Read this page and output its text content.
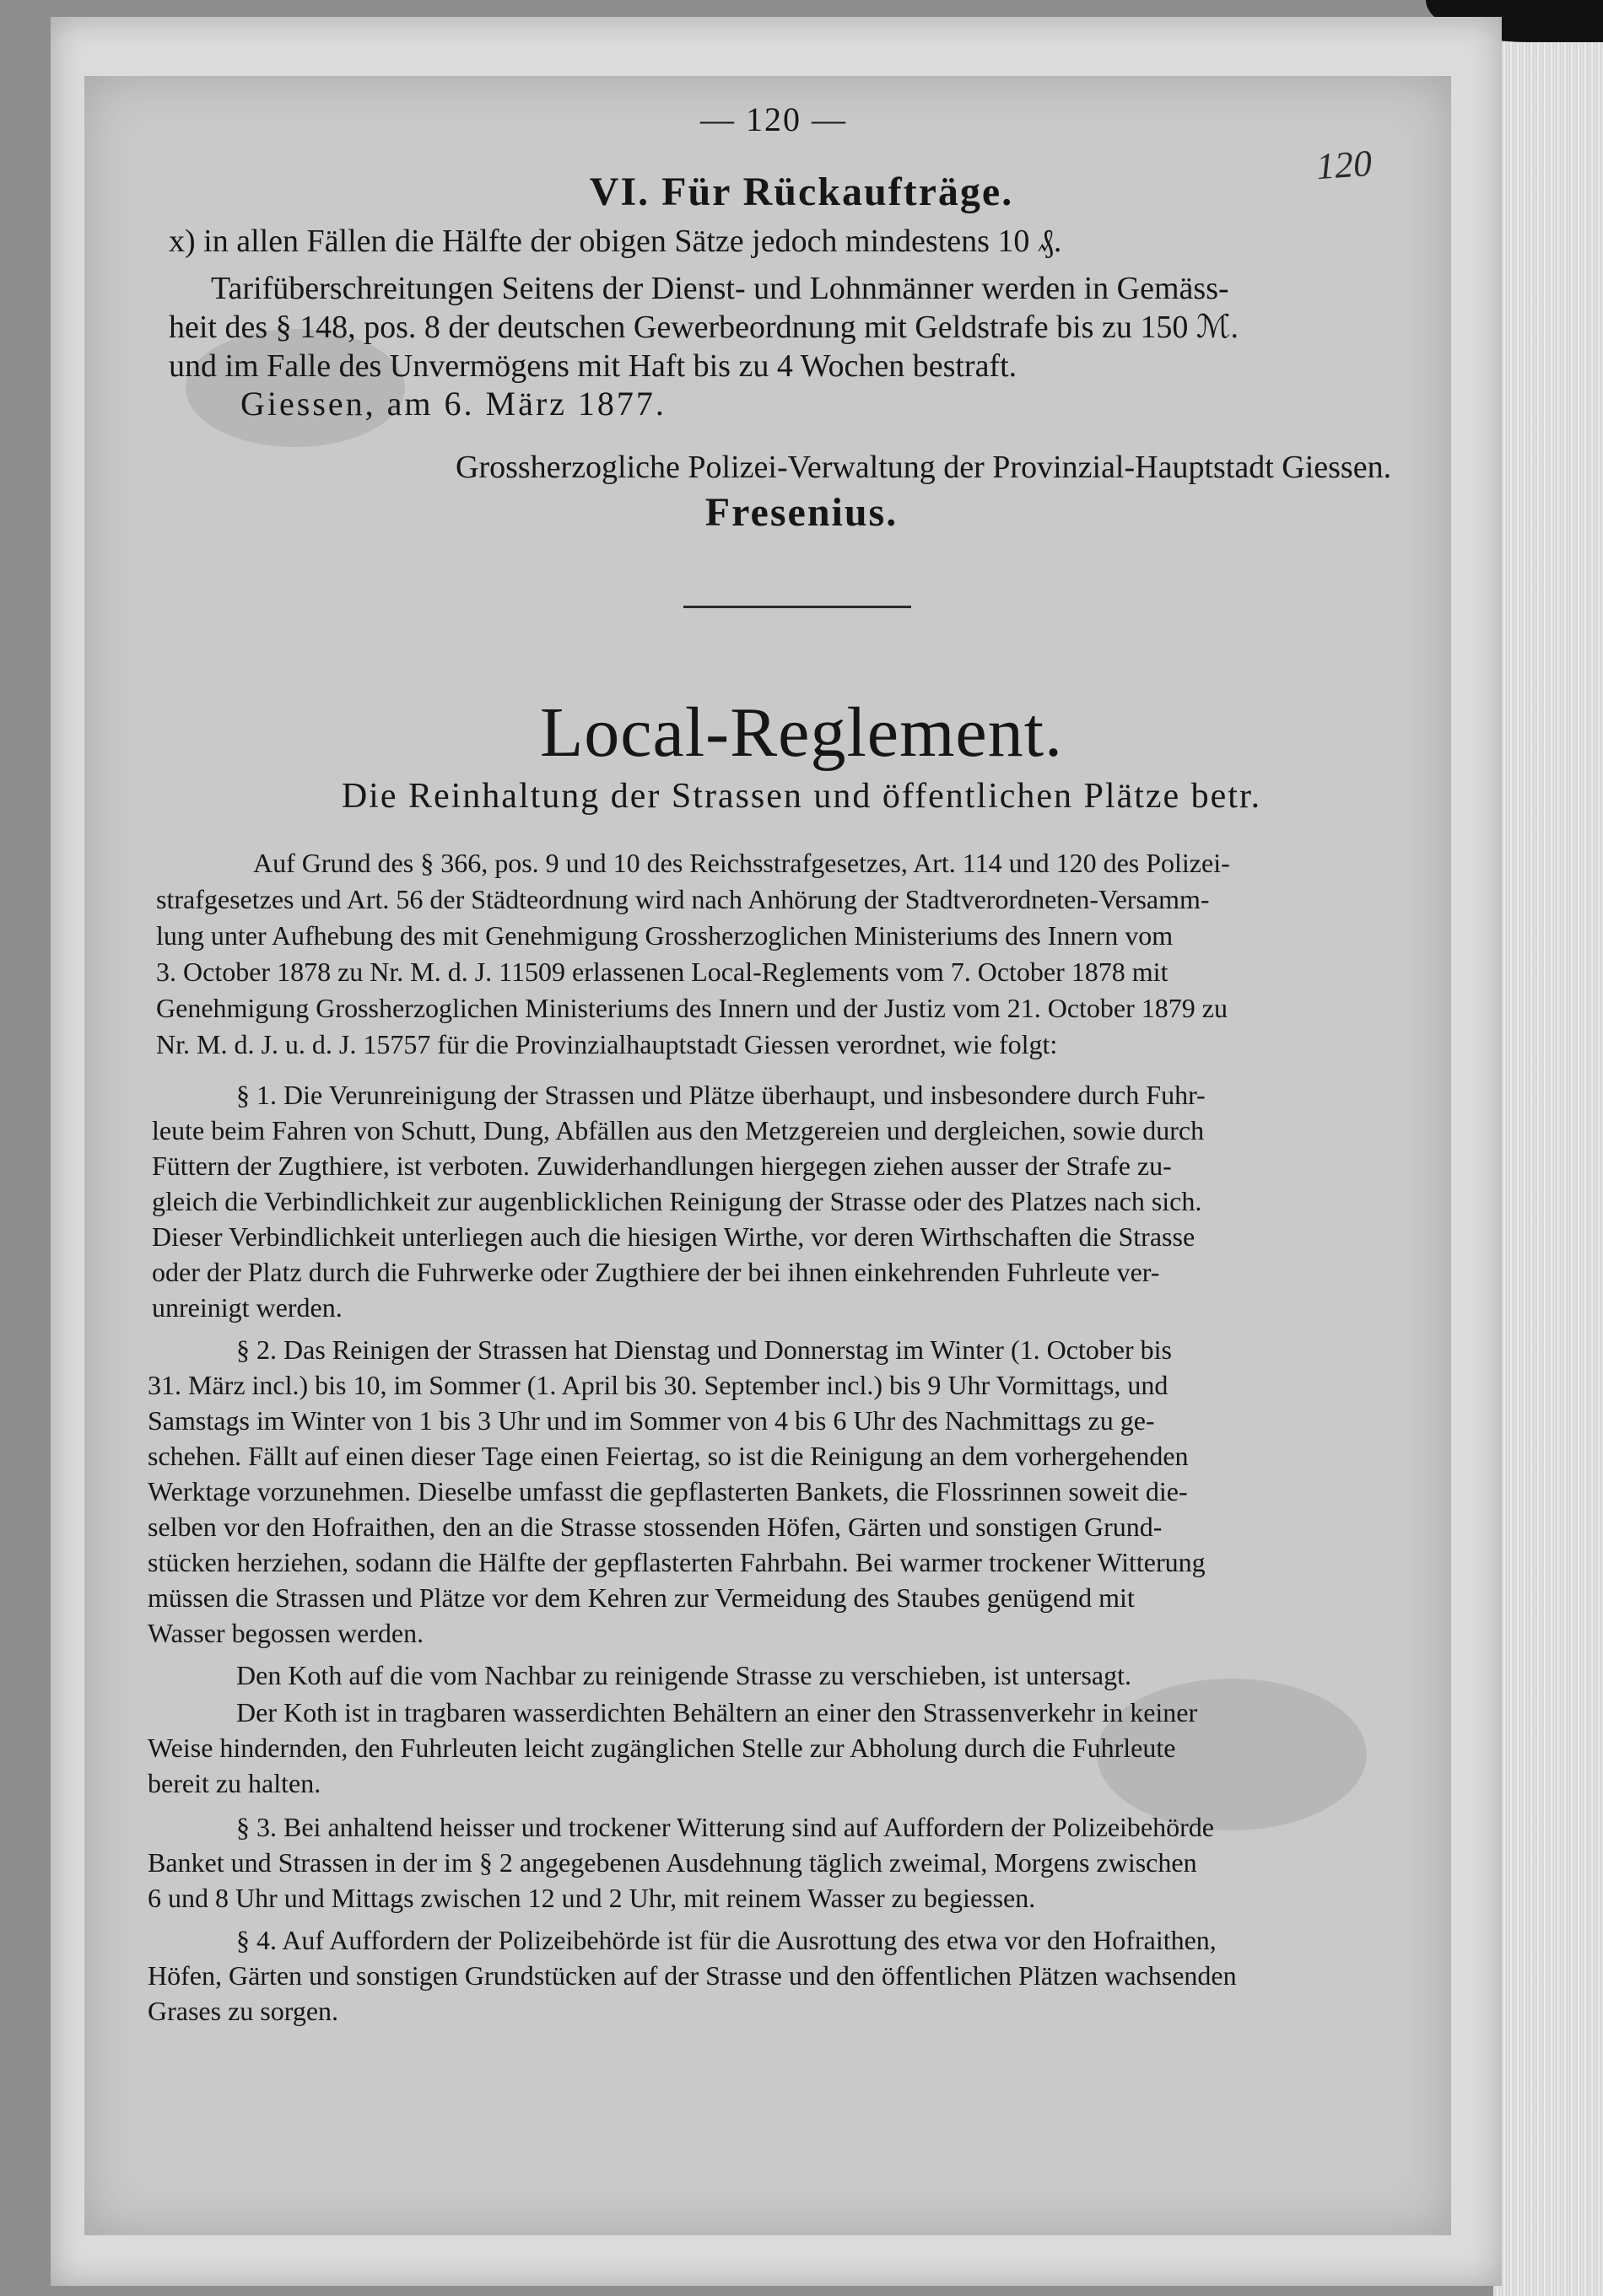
— 120 —
120
VI. Für Rückaufträge.
x) in allen Fällen die Hälfte der obigen Sätze jedoch mindestens 10 ₰.
Tarifüberschreitungen Seitens der Dienst- und Lohnmänner werden in Gemäss-
heit des § 148, pos. 8 der deutschen Gewerbeordnung mit Geldstrafe bis zu 150 ℳ.
und im Falle des Unvermögens mit Haft bis zu 4 Wochen bestraft.
Giessen, am 6. März 1877.
Grossherzogliche Polizei-Verwaltung der Provinzial-Hauptstadt Giessen.
Fresenius.
Local-Reglement.
Die Reinhaltung der Strassen und öffentlichen Plätze betr.
Auf Grund des § 366, pos. 9 und 10 des Reichsstrafgesetzes, Art. 114 und 120 des Polizei-
strafgesetzes und Art. 56 der Städteordnung wird nach Anhörung der Stadtverordneten-Versamm-
lung unter Aufhebung des mit Genehmigung Grossherzoglichen Ministeriums des Innern vom
3. October 1878 zu Nr. M. d. J. 11509 erlassenen Local-Reglements vom 7. October 1878 mit
Genehmigung Grossherzoglichen Ministeriums des Innern und der Justiz vom 21. October 1879 zu
Nr. M. d. J. u. d. J. 15757 für die Provinzialhauptstadt Giessen verordnet, wie folgt:
§ 1. Die Verunreinigung der Strassen und Plätze überhaupt, und insbesondere durch Fuhr-
leute beim Fahren von Schutt, Dung, Abfällen aus den Metzgereien und dergleichen, sowie durch
Füttern der Zugthiere, ist verboten. Zuwiderhandlungen hiergegen ziehen ausser der Strafe zu-
gleich die Verbindlichkeit zur augenblicklichen Reinigung der Strasse oder des Platzes nach sich.
Dieser Verbindlichkeit unterliegen auch die hiesigen Wirthe, vor deren Wirthschaften die Strasse
oder der Platz durch die Fuhrwerke oder Zugthiere der bei ihnen einkehrenden Fuhrleute ver-
unreinigt werden.
§ 2. Das Reinigen der Strassen hat Dienstag und Donnerstag im Winter (1. October bis
31. März incl.) bis 10, im Sommer (1. April bis 30. September incl.) bis 9 Uhr Vormittags, und
Samstags im Winter von 1 bis 3 Uhr und im Sommer von 4 bis 6 Uhr des Nachmittags zu ge-
schehen. Fällt auf einen dieser Tage einen Feiertag, so ist die Reinigung an dem vorhergehenden
Werktage vorzunehmen. Dieselbe umfasst die gepflasterten Bankets, die Flossrinnen soweit die-
selben vor den Hofraithen, den an die Strasse stossenden Höfen, Gärten und sonstigen Grund-
stücken herziehen, sodann die Hälfte der gepflasterten Fahrbahn. Bei warmer trockener Witterung
müssen die Strassen und Plätze vor dem Kehren zur Vermeidung des Staubes genügend mit
Wasser begossen werden.
Den Koth auf die vom Nachbar zu reinigende Strasse zu verschieben, ist untersagt.
Der Koth ist in tragbaren wasserdichten Behältern an einer den Strassenverkehr in keiner
Weise hindernden, den Fuhrleuten leicht zugänglichen Stelle zur Abholung durch die Fuhrleute
bereit zu halten.
§ 3. Bei anhaltend heisser und trockener Witterung sind auf Auffordern der Polizeibehörde
Banket und Strassen in der im § 2 angegebenen Ausdehnung täglich zweimal, Morgens zwischen
6 und 8 Uhr und Mittags zwischen 12 und 2 Uhr, mit reinem Wasser zu begiessen.
§ 4. Auf Auffordern der Polizeibehörde ist für die Ausrottung des etwa vor den Hofraithen,
Höfen, Gärten und sonstigen Grundstücken auf der Strasse und den öffentlichen Plätzen wachsenden
Grases zu sorgen.
